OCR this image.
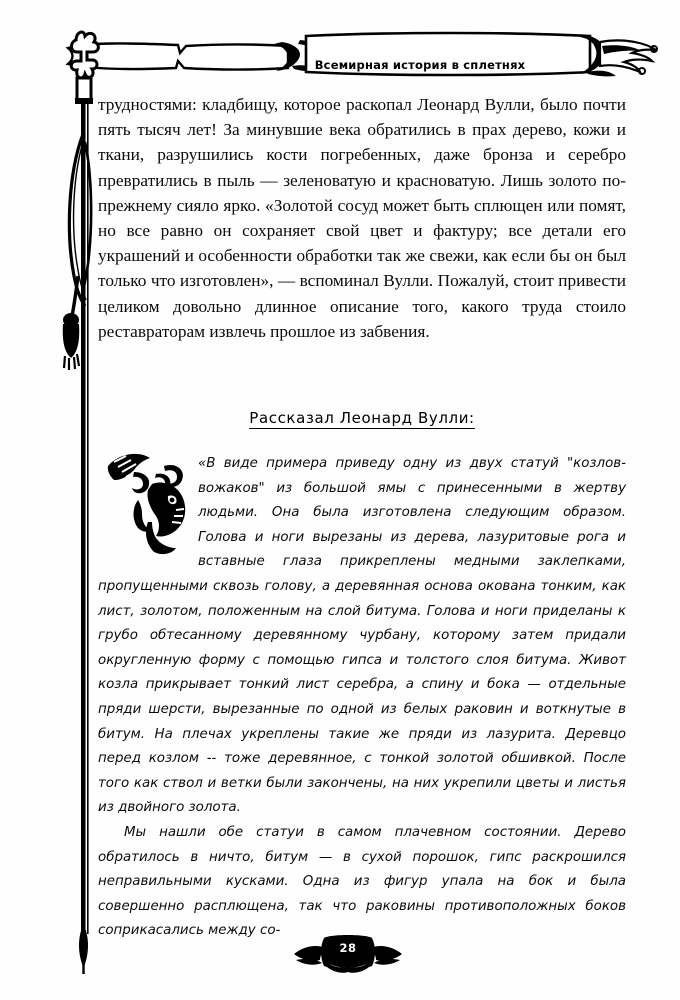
Всемирная история в сплетнях

трудностями: кладбищу, которое раскопал Леонард Вулли, было почти пять тысяч лет! За минувшие века обратились в прах дерево, кожи и ткани, разрушились кости погребенных, даже бронза и серебро превратились в пыль — зеленоватую и красноватую. Лишь золото по-прежнему сияло ярко. «Золотой сосуд может быть сплющен или помят, но все равно он сохраняет свой цвет и фактуру; все детали его украшений и особенности обработки так же свежи, как если бы он был только что изготовлен», — вспоминал Вулли. Пожалуй, стоит привести целиком довольно длинное описание того, какого труда стоило реставраторам извлечь прошлое из забвения.

Рассказал Леонард Вулли:

«В виде примера приведу одну из двух статуй "козлов-вожаков" из большой ямы с принесенными в жертву людьми. Она была изготовлена следующим образом. Голова и ноги вырезаны из дерева, лазуритовые рога и вставные глаза прикреплены медными заклепками, пропущенными сквозь голову, а деревянная основа окована тонким, как лист, золотом, положенным на слой битума. Голова и ноги приделаны к грубо обтесанному деревянному чурбану, которому затем придали округленную форму с помощью гипса и толстого слоя битума. Живот козла прикрывает тонкий лист серебра, а спину и бока — отдельные пряди шерсти, вырезанные по одной из белых раковин и воткнутые в битум. На плечах укреплены такие же пряди из лазурита. Деревцо перед козлом -- тоже деревянное, с тонкой золотой обшивкой. После того как ствол и ветки были закончены, на них укрепили цветы и листья из двойного золота.

Мы нашли обе статуи в самом плачевном состоянии. Дерево обратилось в ничто, битум — в сухой порошок, гипс раскрошился неправильными кусками. Одна из фигур упала на бок и была совершенно расплющена, так что раковины противоположных боков соприкасались между со-

28
